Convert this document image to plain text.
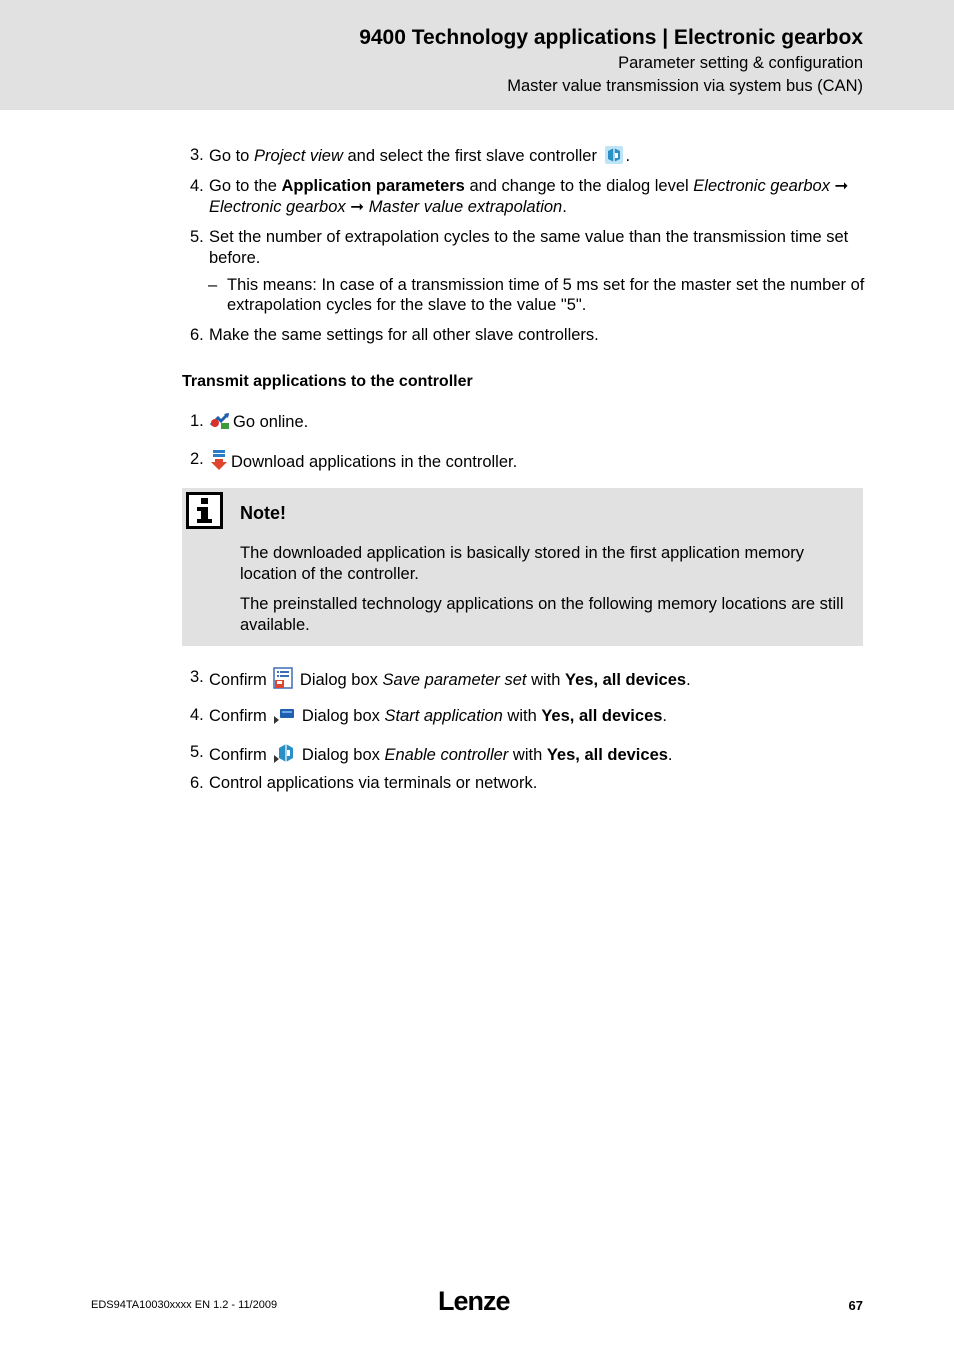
9400 Technology applications | Electronic gearbox
Parameter setting & configuration
Master value transmission via system bus (CAN)
3. Go to Project view and select the first slave controller .
4. Go to the Application parameters and change to the dialog level Electronic gearbox ➞
Electronic gearbox ➞ Master value extrapolation.
5. Set the number of extrapolation cycles to the same value than the transmission time set before.
– This means: In case of a transmission time of 5 ms set for the master set the number of extrapolation cycles for the slave to the value "5".
6. Make the same settings for all other slave controllers.
Transmit applications to the controller
1.	Go online.
2.	Download applications in the controller.
Note!
The downloaded application is basically stored in the first application memory location of the controller.
The preinstalled technology applications on the following memory locations are still available.
3. Confirm  Dialog box Save parameter set with Yes, all devices.
4. Confirm  Dialog box Start application with Yes, all devices.
5. Confirm  Dialog box Enable controller with Yes, all devices.
6. Control applications via terminals or network.
EDS94TA10030xxxx EN 1.2 - 11/2009	Lenze	67
